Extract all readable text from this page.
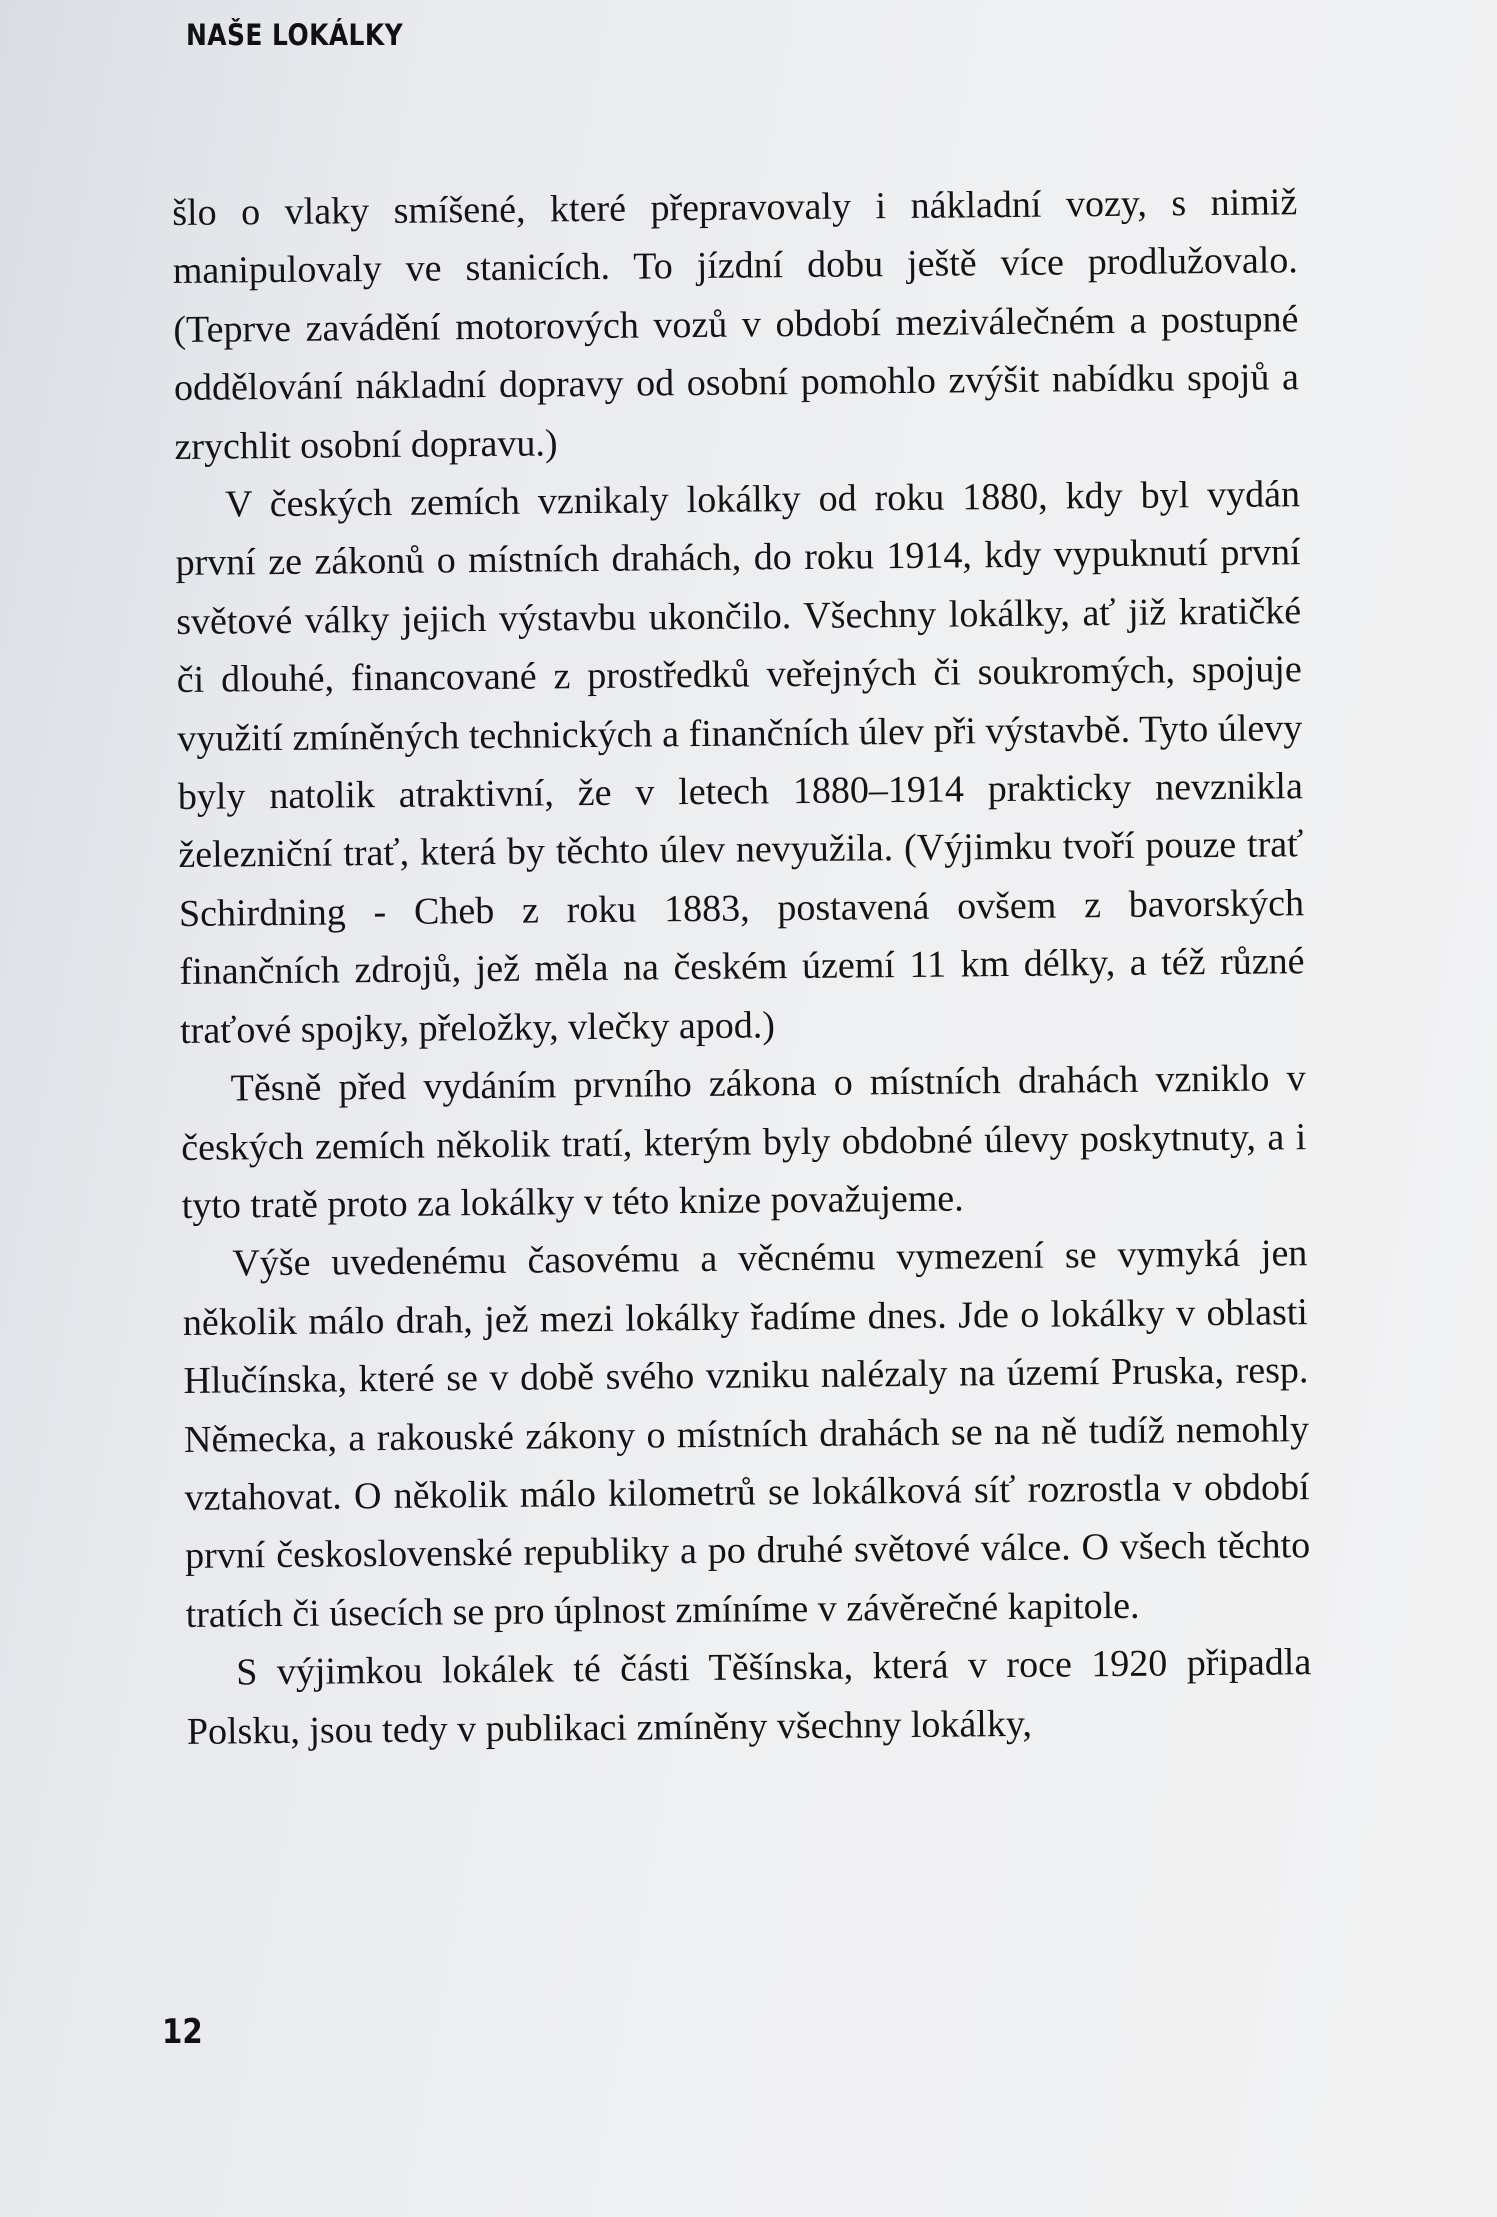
NAŠE LOKÁLKY

šlo o vlaky smíšené, které přepravovaly i nákladní vozy, s nimiž manipulovaly ve stanicích. To jízdní dobu ještě více prodlužovalo. (Teprve zavádění motorových vozů v období meziválečném a postupné oddělování nákladní dopravy od osobní pomohlo zvýšit nabídku spojů a zrychlit osobní dopravu.)

V českých zemích vznikaly lokálky od roku 1880, kdy byl vydán první ze zákonů o místních drahách, do roku 1914, kdy vypuknutí první světové války jejich výstavbu ukončilo. Všechny lokálky, ať již kratičké či dlouhé, financované z prostředků veřejných či soukromých, spojuje využití zmíněných technických a finančních úlev při výstavbě. Tyto úlevy byly natolik atraktivní, že v letech 1880–1914 prakticky nevznikla železniční trať, která by těchto úlev nevyužila. (Výjimku tvoří pouze trať Schirdning - Cheb z roku 1883, postavená ovšem z bavorských finančních zdrojů, jež měla na českém území 11 km délky, a též různé traťové spojky, přeložky, vlečky apod.)

Těsně před vydáním prvního zákona o místních drahách vzniklo v českých zemích několik tratí, kterým byly obdobné úlevy poskytnuty, a i tyto tratě proto za lokálky v této knize považujeme.

Výše uvedenému časovému a věcnému vymezení se vymyká jen několik málo drah, jež mezi lokálky řadíme dnes. Jde o lokálky v oblasti Hlučínska, které se v době svého vzniku nalézaly na území Pruska, resp. Německa, a rakouské zákony o místních drahách se na ně tudíž nemohly vztahovat. O několik málo kilometrů se lokálková síť rozrostla v období první československé republiky a po druhé světové válce. O všech těchto tratích či úsecích se pro úplnost zmíníme v závěrečné kapitole.

S výjimkou lokálek té části Těšínska, která v roce 1920 připadla Polsku, jsou tedy v publikaci zmíněny všechny lokálky,

12
